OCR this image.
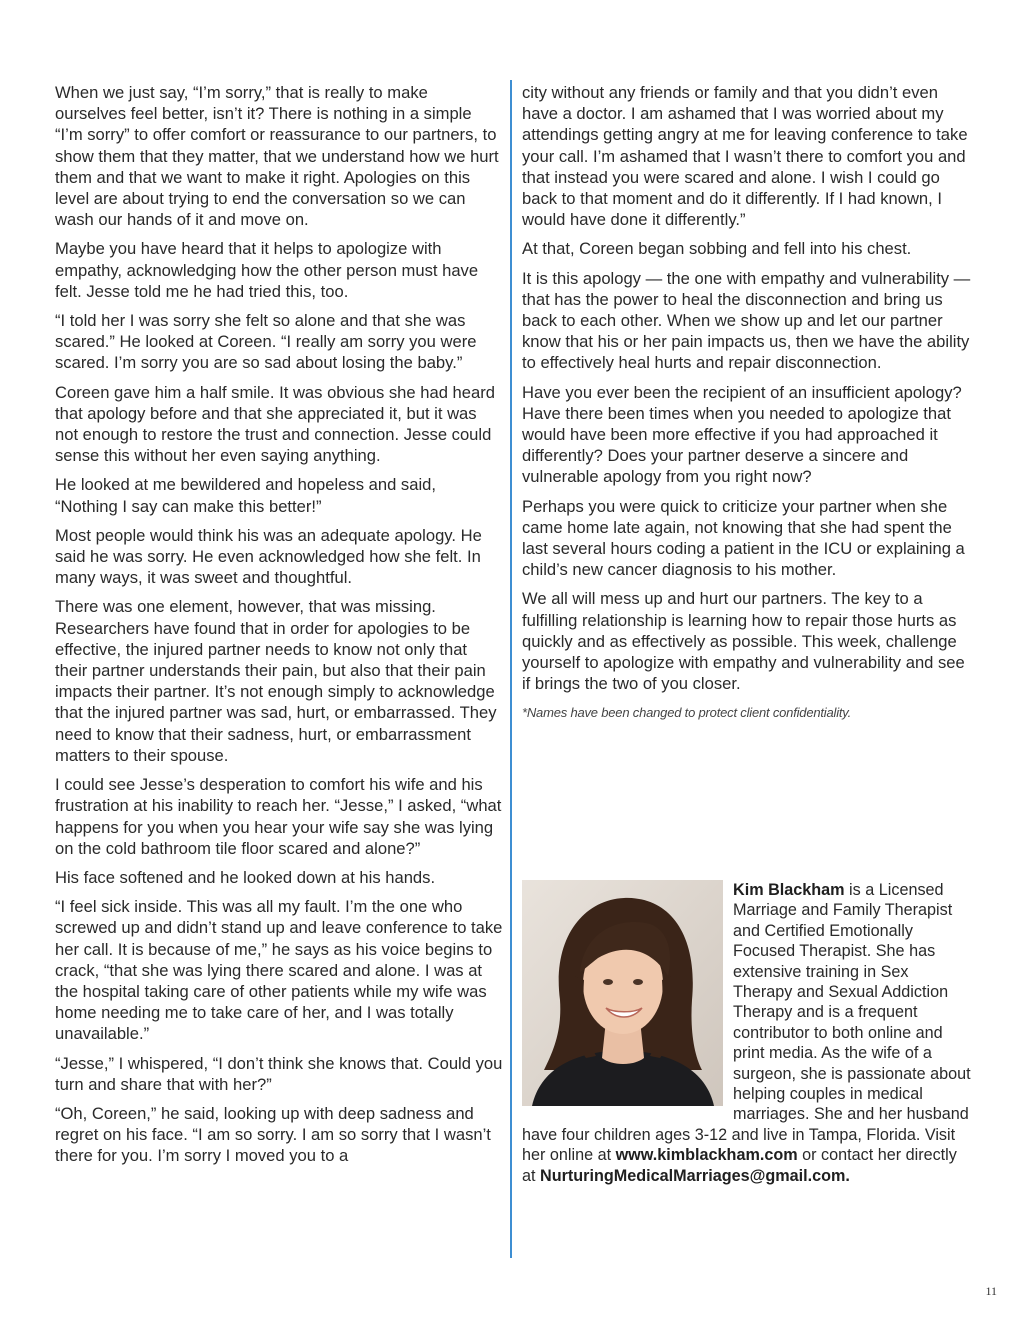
When we just say, “I’m sorry,” that is really to make ourselves feel better, isn’t it? There is nothing in a simple “I’m sorry” to offer comfort or reassurance to our partners, to show them that they matter, that we understand how we hurt them and that we want to make it right. Apologies on this level are about trying to end the conversation so we can wash our hands of it and move on.

Maybe you have heard that it helps to apologize with empathy, acknowledging how the other person must have felt. Jesse told me he had tried this, too.

“I told her I was sorry she felt so alone and that she was scared.” He looked at Coreen. “I really am sorry you were scared. I’m sorry you are so sad about losing the baby.”

Coreen gave him a half smile. It was obvious she had heard that apology before and that she appreciated it, but it was not enough to restore the trust and connection. Jesse could sense this without her even saying anything.

He looked at me bewildered and hopeless and said, “Nothing I say can make this better!”

Most people would think his was an adequate apology. He said he was sorry. He even acknowledged how she felt. In many ways, it was sweet and thoughtful.

There was one element, however, that was missing. Researchers have found that in order for apologies to be effective, the injured partner needs to know not only that their partner understands their pain, but also that their pain impacts their partner. It’s not enough simply to acknowledge that the injured partner was sad, hurt, or embarrassed. They need to know that their sadness, hurt, or embarrassment matters to their spouse.

I could see Jesse’s desperation to comfort his wife and his frustration at his inability to reach her. “Jesse,” I asked, “what happens for you when you hear your wife say she was lying on the cold bathroom tile floor scared and alone?”

His face softened and he looked down at his hands.

“I feel sick inside. This was all my fault. I’m the one who screwed up and didn’t stand up and leave conference to take her call. It is because of me,” he says as his voice begins to crack, “that she was lying there scared and alone. I was at the hospital taking care of other patients while my wife was home needing me to take care of her, and I was totally unavailable.”

“Jesse,” I whispered, “I don’t think she knows that. Could you turn and share that with her?”

“Oh, Coreen,” he said, looking up with deep sadness and regret on his face. “I am so sorry. I am so sorry that I wasn’t there for you. I’m sorry I moved you to a

city without any friends or family and that you didn’t even have a doctor. I am ashamed that I was worried about my attendings getting angry at me for leaving conference to take your call. I’m ashamed that I wasn’t there to comfort you and that instead you were scared and alone. I wish I could go back to that moment and do it differently. If I had known, I would have done it differently.”

At that, Coreen began sobbing and fell into his chest.

It is this apology — the one with empathy and vulnerability — that has the power to heal the disconnection and bring us back to each other. When we show up and let our partner know that his or her pain impacts us, then we have the ability to effectively heal hurts and repair disconnection.

Have you ever been the recipient of an insufficient apology? Have there been times when you needed to apologize that would have been more effective if you had approached it differently? Does your partner deserve a sincere and vulnerable apology from you right now?

Perhaps you were quick to criticize your partner when she came home late again, not knowing that she had spent the last several hours coding a patient in the ICU or explaining a child’s new cancer diagnosis to his mother.

We all will mess up and hurt our partners. The key to a fulfilling relationship is learning how to repair those hurts as quickly and as effectively as possible. This week, challenge yourself to apologize with empathy and vulnerability and see if brings the two of you closer.

*Names have been changed to protect client confidentiality.

Kim Blackham is a Licensed Marriage and Family Therapist and Certified Emotionally Focused Therapist. She has extensive training in Sex Therapy and Sexual Addiction Therapy and is a frequent contributor to both online and print media. As the wife of a surgeon, she is passionate about helping couples in medical marriages. She and her husband have four children ages 3-12 and live in Tampa, Florida. Visit her online at www.kimblackham.com or contact her directly at NurturingMedicalMarriages@gmail.com.
11
